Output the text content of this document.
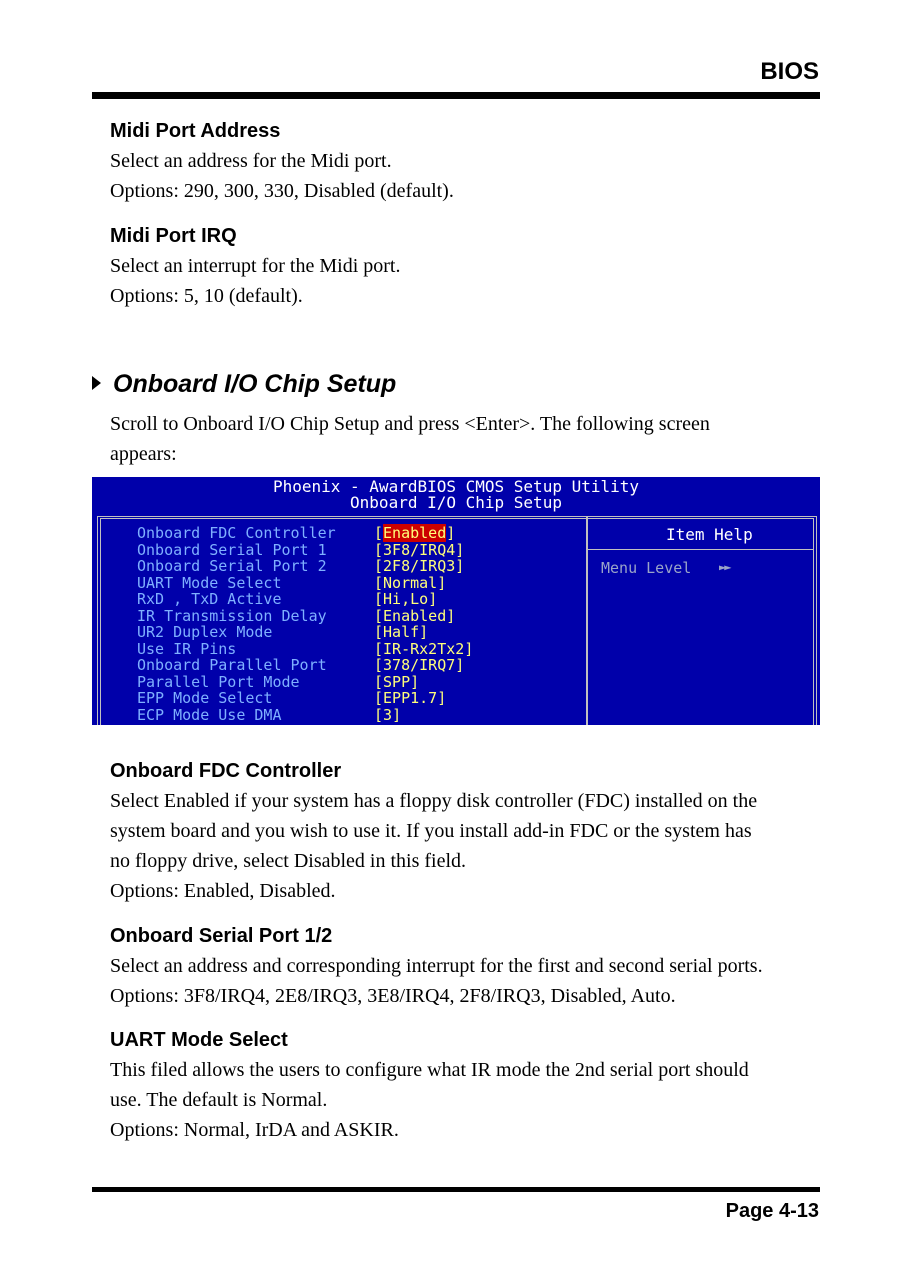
BIOS
Midi Port Address
Select an address for the Midi port.
Options: 290, 300, 330, Disabled (default).
Midi Port IRQ
Select an interrupt for the Midi port.
Options: 5, 10 (default).
Onboard I/O Chip Setup
Scroll to Onboard I/O Chip Setup and press <Enter>. The following screen
appears:
Phoenix - AwardBIOS CMOS Setup Utility
Onboard I/O Chip Setup
Item Help
Menu Level ►►
Onboard FDC Controller	[Enabled]
Onboard Serial Port 1	[3F8/IRQ4]
Onboard Serial Port 2	[2F8/IRQ3]
UART Mode Select	[Normal]
RxD , TxD Active	[Hi,Lo]
IR Transmission Delay	[Enabled]
UR2 Duplex Mode	[Half]
Use IR Pins	[IR-Rx2Tx2]
Onboard Parallel Port	[378/IRQ7]
Parallel Port Mode	[SPP]
EPP Mode Select	[EPP1.7]
ECP Mode Use DMA	[3]
Onboard FDC Controller
Select Enabled if your system has a floppy disk controller (FDC) installed on the
system board and you wish to use it. If you install add-in FDC or the system has
no floppy drive, select Disabled in this field.
Options: Enabled, Disabled.
Onboard Serial Port 1/2
Select an address and corresponding interrupt for the first and second serial ports.
Options: 3F8/IRQ4, 2E8/IRQ3, 3E8/IRQ4, 2F8/IRQ3, Disabled, Auto.
UART Mode Select
This filed allows the users to configure what IR mode the 2nd serial port should
use. The default is Normal.
Options: Normal, IrDA and ASKIR.
Page 4-13
